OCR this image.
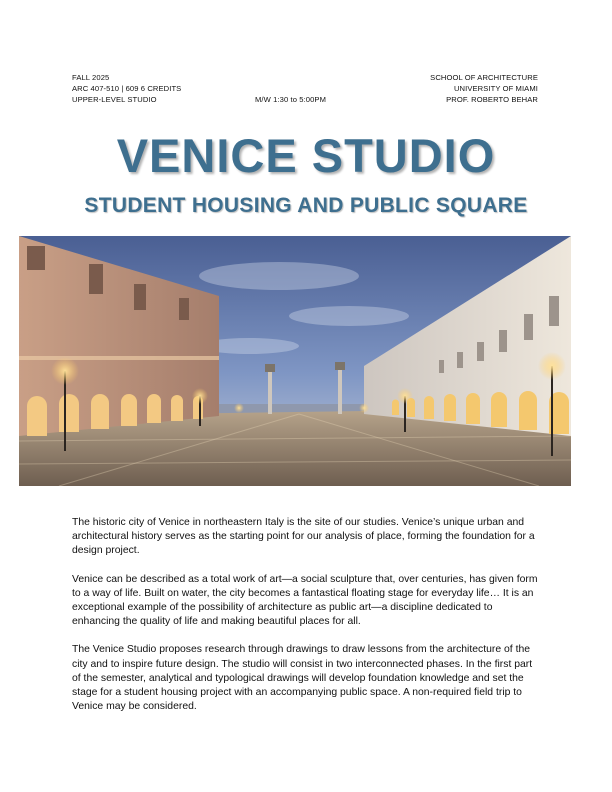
FALL 2025	SCHOOL OF ARCHITECTURE
ARC 407-510 | 609 6 CREDITS	UNIVERSITY OF MIAMI
UPPER-LEVEL STUDIO	M/W 1:30 to 5:00PM	PROF. ROBERTO BEHAR
VENICE STUDIO
STUDENT HOUSING AND PUBLIC SQUARE

The historic city of Venice in northeastern Italy is the site of our studies. Venice’s unique urban and architectural history serves as the starting point for our analysis of place, forming the foundation for a design project.

Venice can be described as a total work of art—a social sculpture that, over centuries, has given form to a way of life. Built on water, the city becomes a fantastical floating stage for everyday life… It is an exceptional example of the possibility of architecture as public art—a discipline dedicated to enhancing the quality of life and making beautiful places for all.

The Venice Studio proposes research through drawings to draw lessons from the architecture of the city and to inspire future design. The studio will consist in two interconnected phases. In the first part of the semester, analytical and typological drawings will develop foundation knowledge and set the stage for a student housing project with an accompanying public space. A non-required field trip to Venice may be considered.
